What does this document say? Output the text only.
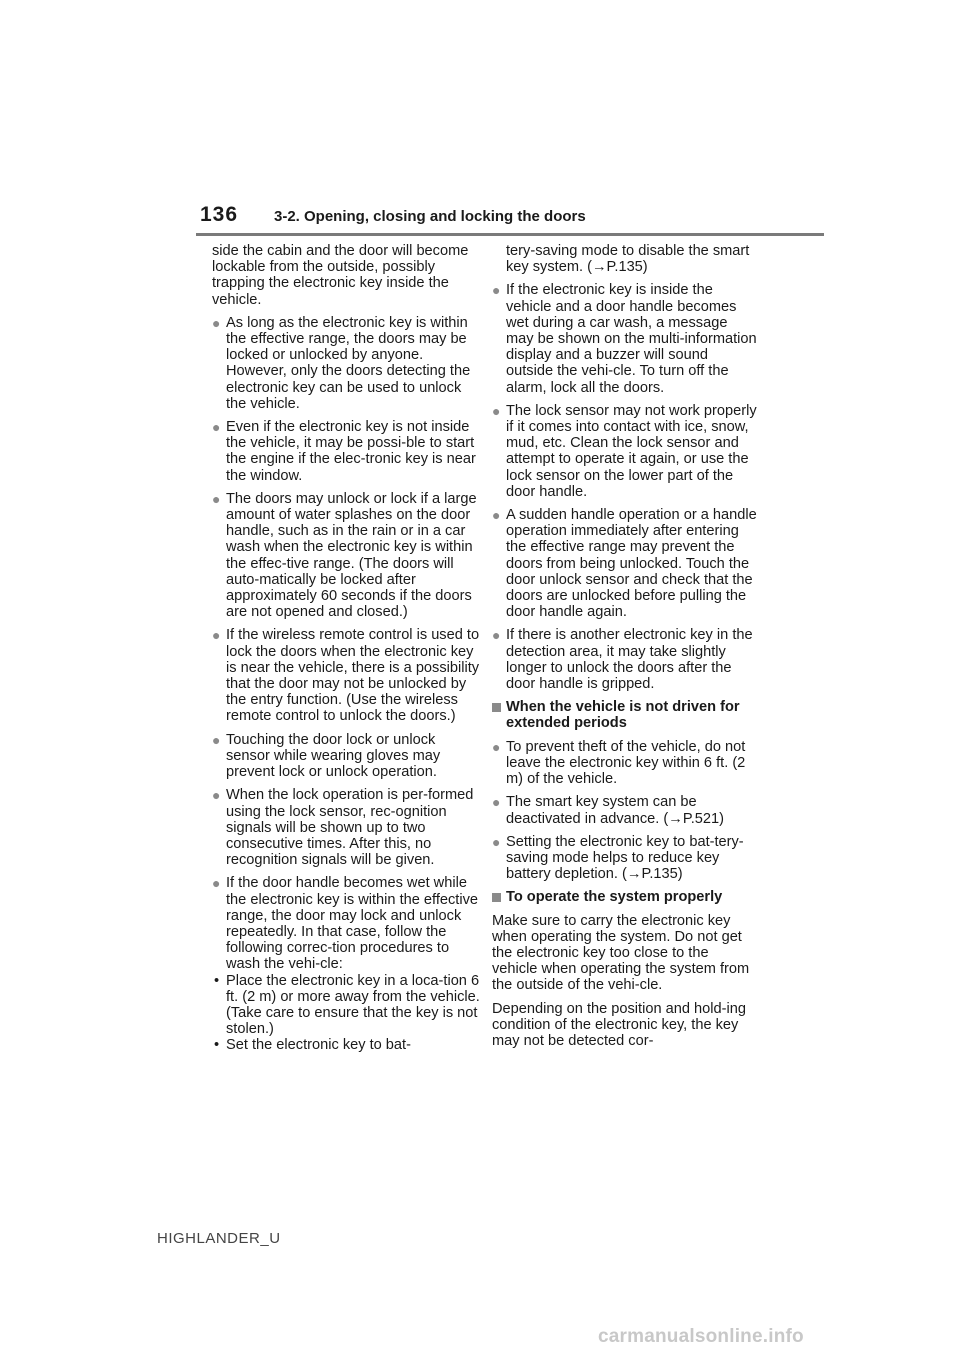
136 3-2. Opening, closing and locking the doors

side the cabin and the door will become lockable from the outside, possibly trapping the electronic key inside the vehicle.

● As long as the electronic key is within the effective range, the doors may be locked or unlocked by anyone. However, only the doors detecting the electronic key can be used to unlock the vehicle.
● Even if the electronic key is not inside the vehicle, it may be possi-ble to start the engine if the elec-tronic key is near the window.
● The doors may unlock or lock if a large amount of water splashes on the door handle, such as in the rain or in a car wash when the electronic key is within the effec-tive range. (The doors will auto-matically be locked after approximately 60 seconds if the doors are not opened and closed.)
● If the wireless remote control is used to lock the doors when the electronic key is near the vehicle, there is a possibility that the door may not be unlocked by the entry function. (Use the wireless remote control to unlock the doors.)
● Touching the door lock or unlock sensor while wearing gloves may prevent lock or unlock operation.
● When the lock operation is per-formed using the lock sensor, rec-ognition signals will be shown up to two consecutive times. After this, no recognition signals will be given.
● If the door handle becomes wet while the electronic key is within the effective range, the door may lock and unlock repeatedly. In that case, follow the following correc-tion procedures to wash the vehi-cle:
• Place the electronic key in a loca-tion 6 ft. (2 m) or more away from the vehicle. (Take care to ensure that the key is not stolen.)
• Set the electronic key to bat-

tery-saving mode to disable the smart key system. (→P.135)

● If the electronic key is inside the vehicle and a door handle becomes wet during a car wash, a message may be shown on the multi-information display and a buzzer will sound outside the vehi-cle. To turn off the alarm, lock all the doors.
● The lock sensor may not work properly if it comes into contact with ice, snow, mud, etc. Clean the lock sensor and attempt to operate it again, or use the lock sensor on the lower part of the door handle.
● A sudden handle operation or a handle operation immediately after entering the effective range may prevent the doors from being unlocked. Touch the door unlock sensor and check that the doors are unlocked before pulling the door handle again.
● If there is another electronic key in the detection area, it may take slightly longer to unlock the doors after the door handle is gripped.
When the vehicle is not driven for extended periods
● To prevent theft of the vehicle, do not leave the electronic key within 6 ft. (2 m) of the vehicle.
● The smart key system can be deactivated in advance. (→P.521)
● Setting the electronic key to bat-tery-saving mode helps to reduce key battery depletion. (→P.135)
To operate the system properly

Make sure to carry the electronic key when operating the system. Do not get the electronic key too close to the vehicle when operating the system from the outside of the vehi-cle.

Depending on the position and hold-ing condition of the electronic key, the key may not be detected cor-

HIGHLANDER_U
carmanualsonline.info
